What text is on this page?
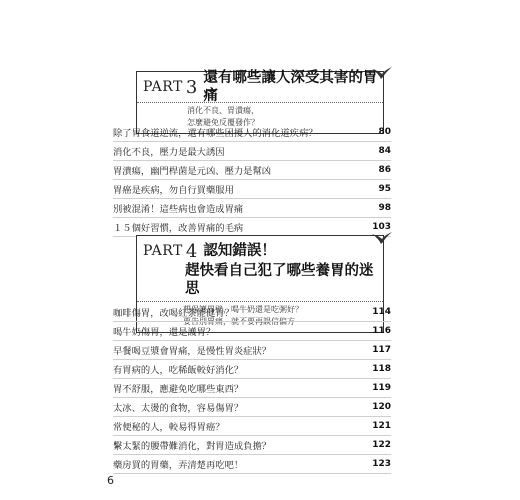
PART 3 還有哪些讓人深受其害的胃痛
消化不良、胃潰瘍，
怎麼避免反覆發作？
除了胃食道逆流，還有哪些困擾人的消化道疾病？	80
消化不良，壓力是最大誘因	84
胃潰瘍，幽門桿菌是元凶、壓力是幫凶	86
胃癌是疾病，勿自行買藥服用	95
別被混淆！這些病也會造成胃痛	98
１５個好習慣，改善胃痛的毛病	103
PART 4 認知錯誤！
趕快看自己犯了哪些養胃的迷思
想保護胃壁，喝牛奶還是吃粥好？
要告別胃痛，就不要再誤信偏方
咖啡傷胃，改喝紅茶能健胃？	114
喝牛奶傷胃，還是護胃？	116
早餐喝豆漿會胃痛，是慢性胃炎症狀？	117
有胃病的人，吃稀飯較好消化？	118
胃不舒服，應避免吃哪些東西？	119
太冰、太燙的食物，容易傷胃？	120
常便秘的人，較易得胃癌？	121
繫太緊的腰帶難消化，對胃造成負擔？	122
藥房買的胃藥，弄清楚再吃吧！	123
6
